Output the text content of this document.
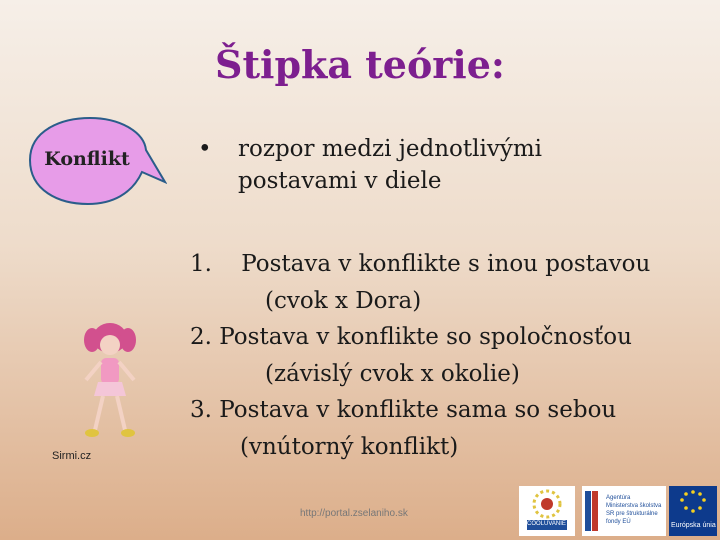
Štipka teórie:
Konflikt	• rozpor medzi jednotlivými
postavami v diele
1.    Postava v konflikte s inou postavou
(cvok x Dora)
2. Postava v konflikte so spoločnosťou
(závislý cvok x okolie)
3. Postava v konflikte sama so sebou
(vnútorný konflikt)
Sirmi.cz
http://portal.zselaniho.sk
COOLUVANIE
Agentúra Ministerstva školstva SR pre štrukturálne fondy EÚ	Európska únia
